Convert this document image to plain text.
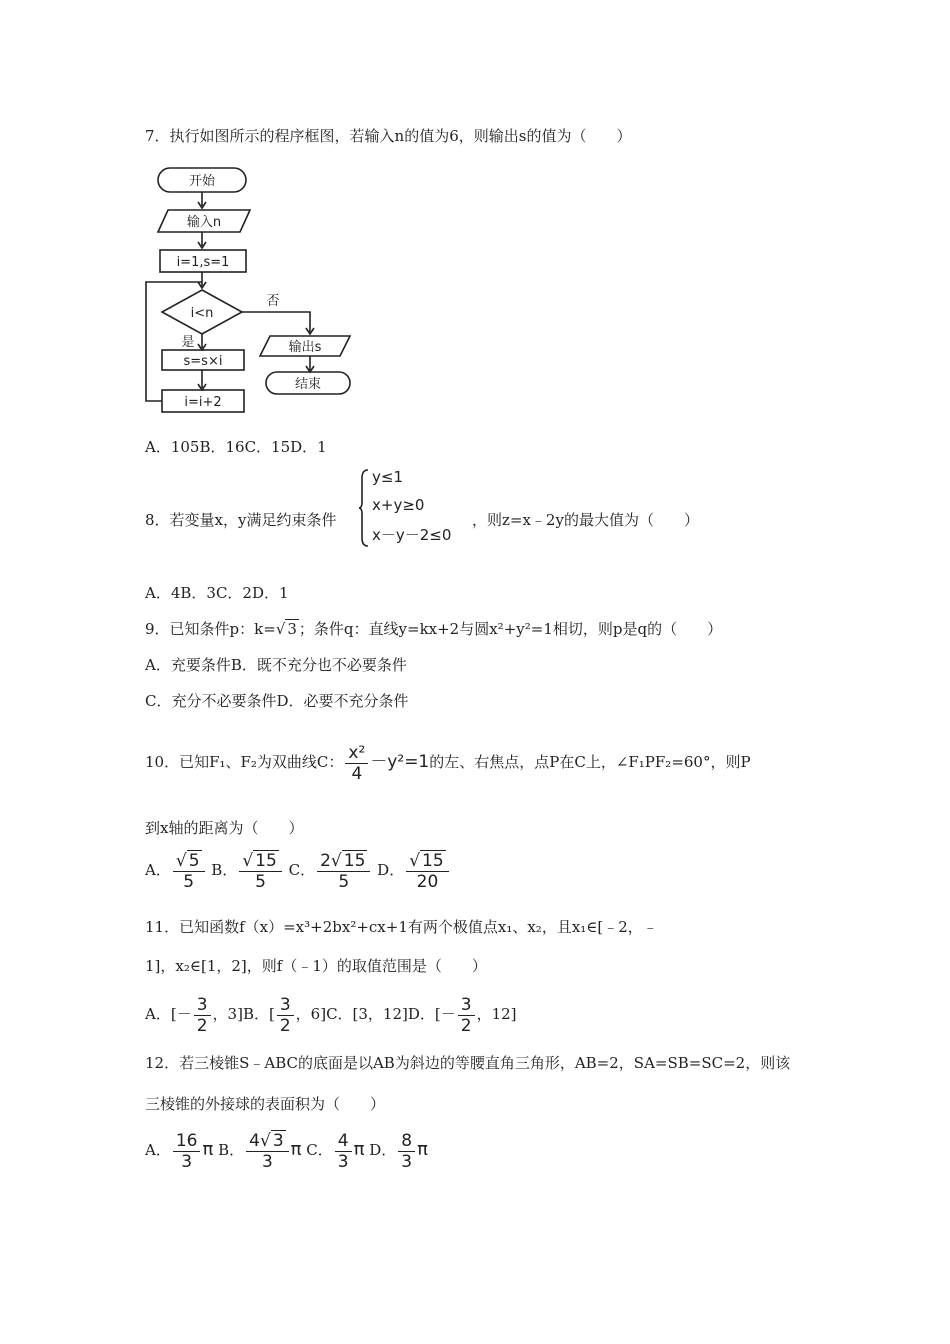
7．执行如图所示的程序框图，若输入n的值为6，则输出s的值为（　　）
开始
输入n
i=1,s=1
i<n
否
输出s
结束
是
s=s×i
i=i+2
A．105B．16C．15D．1
8．若变量x，y满足约束条件
y≤1
x+y≥0
x－y－2≤0
，则z=x﹣2y的最大值为（　　）
A．4B．3C．2D．1
9．已知条件p：k=√ 3 ；条件q：直线y=kx+2与圆x²+y²=1相切，则p是q的（　　）
A．充要条件B．既不充分也不必要条件
C．充分不必要条件D．必要不充分条件
10．已知F₁、F₂为双曲线C： $\frac{\text{x²}}{4} -y^2=1$的左、右焦点，点P在C上，∠F₁PF₂=60°，则P
到x轴的距离为（　　）
A． $\frac{√ 5}{5}$ B． $\frac{√ 15}{5}$ C． $\frac{2√ 15}{5}$ D． $\frac{√ 15}{20}$
11．已知函数f（x）=x³+2bx²+cx+1有两个极值点x₁、x₂，且x₁∈[﹣2，﹣
1]，x₂∈[1，2]，则f（﹣1）的取值范围是（　　）
A．[－ $\frac{3}{2}$ ，3]B．[ $\frac{3}{2}$ ，6]C．[3，12]D．[－ $\frac{3}{2}$ ，12]
12．若三棱锥S﹣ABC的底面是以AB为斜边的等腰直角三角形，AB=2，SA=SB=SC=2，则该
三棱锥的外接球的表面积为（　　）
A． $\frac{16}{3}$ π B． $\frac{4√ 3}{3}$ π C． $\frac{4}{3}$ π D． $\frac{8}{3}$ π
